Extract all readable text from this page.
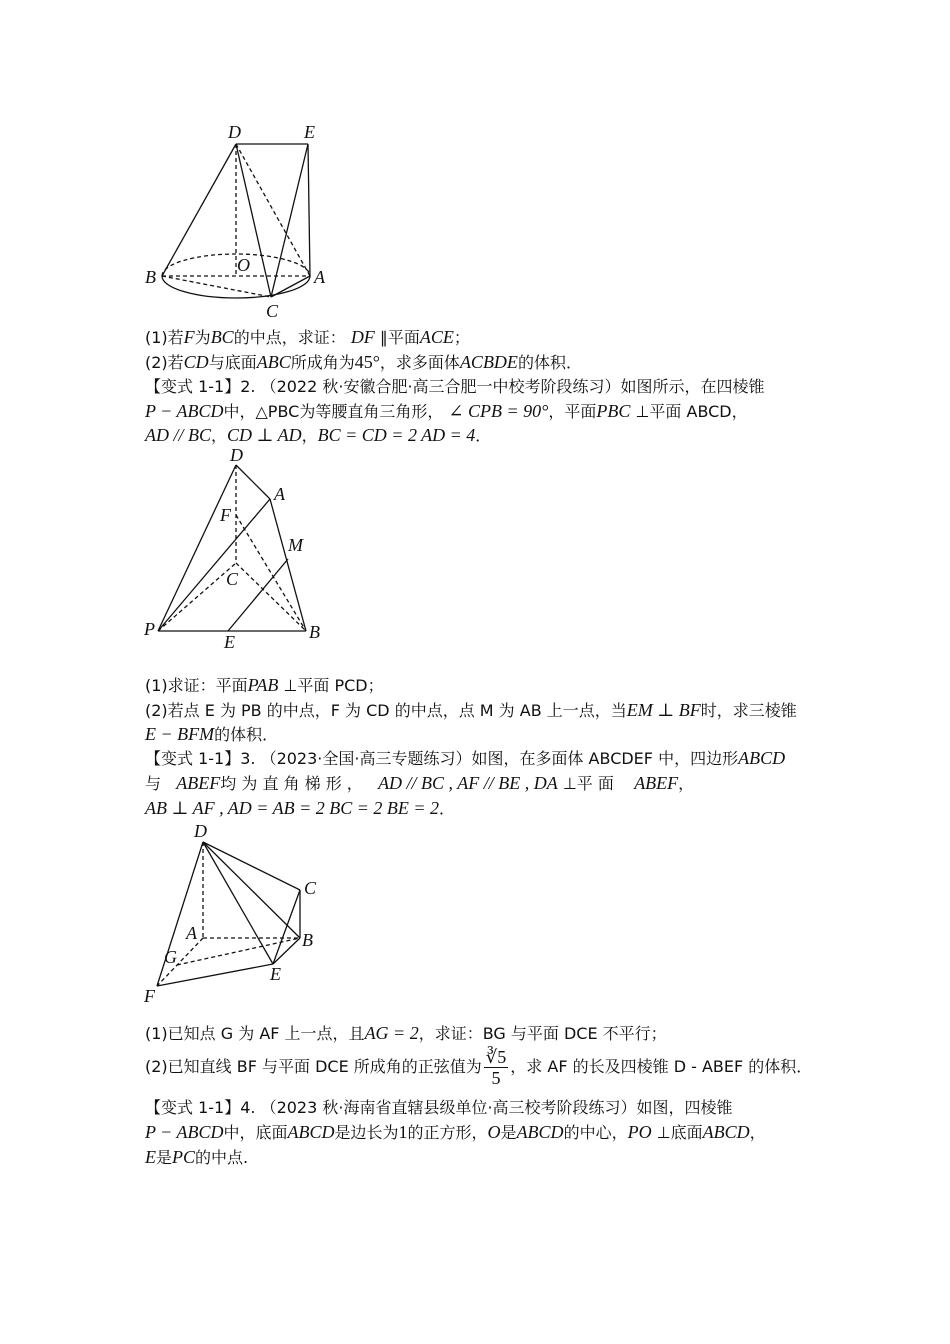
D	E
O
B	A
C
(1)若F为BC的中点，求证： DF ∥平面ACE；
(2)若CD与底面ABC所成角为45°，求多面体ACBDE的体积．
【变式 1-1】2. （2022 秋·安徽合肥·高三合肥一中校考阶段练习）如图所示，在四棱锥
P − ABCD中，△PBC为等腰直角三角形， ∠ CPB = 90°，平面PBC ⊥平面 ABCD，
AD // BC，CD ⊥ AD，BC = CD = 2 AD = 4．
D
A
F
M
C
P
E	B
(1)求证：平面PAB ⊥平面 PCD；
(2)若点 E 为 PB 的中点，F 为 CD 的中点，点 M 为 AB 上一点，当EM ⊥ BF时，求三棱锥
E − BFM的体积．
【变式 1-1】3. （2023·全国·高三专题练习）如图，在多面体 ABCDEF 中，四边形ABCD
与 ABEF均 为 直 角 梯 形 ， AD // BC , AF // BE , DA ⊥平 面 ABEF，
AB ⊥ AF , AD = AB = 2 BC = 2 BE = 2．
D
C
A	B
G
E
F
(1)已知点 G 为 AF 上一点，且AG = 2，求证：BG 与平面 DCE 不平行；
(2)已知直线 BF 与平面 DCE 所成角的正弦值为 $\frac{∛5}{5}$ ，求 AF 的长及四棱锥 D - ABEF 的体积．
【变式 1-1】4. （2023 秋·海南省直辖县级单位·高三校考阶段练习）如图，四棱锥
P − ABCD中，底面ABCD是边长为1的正方形，O是ABCD的中心，PO ⊥底面ABCD，
E是PC的中点.
